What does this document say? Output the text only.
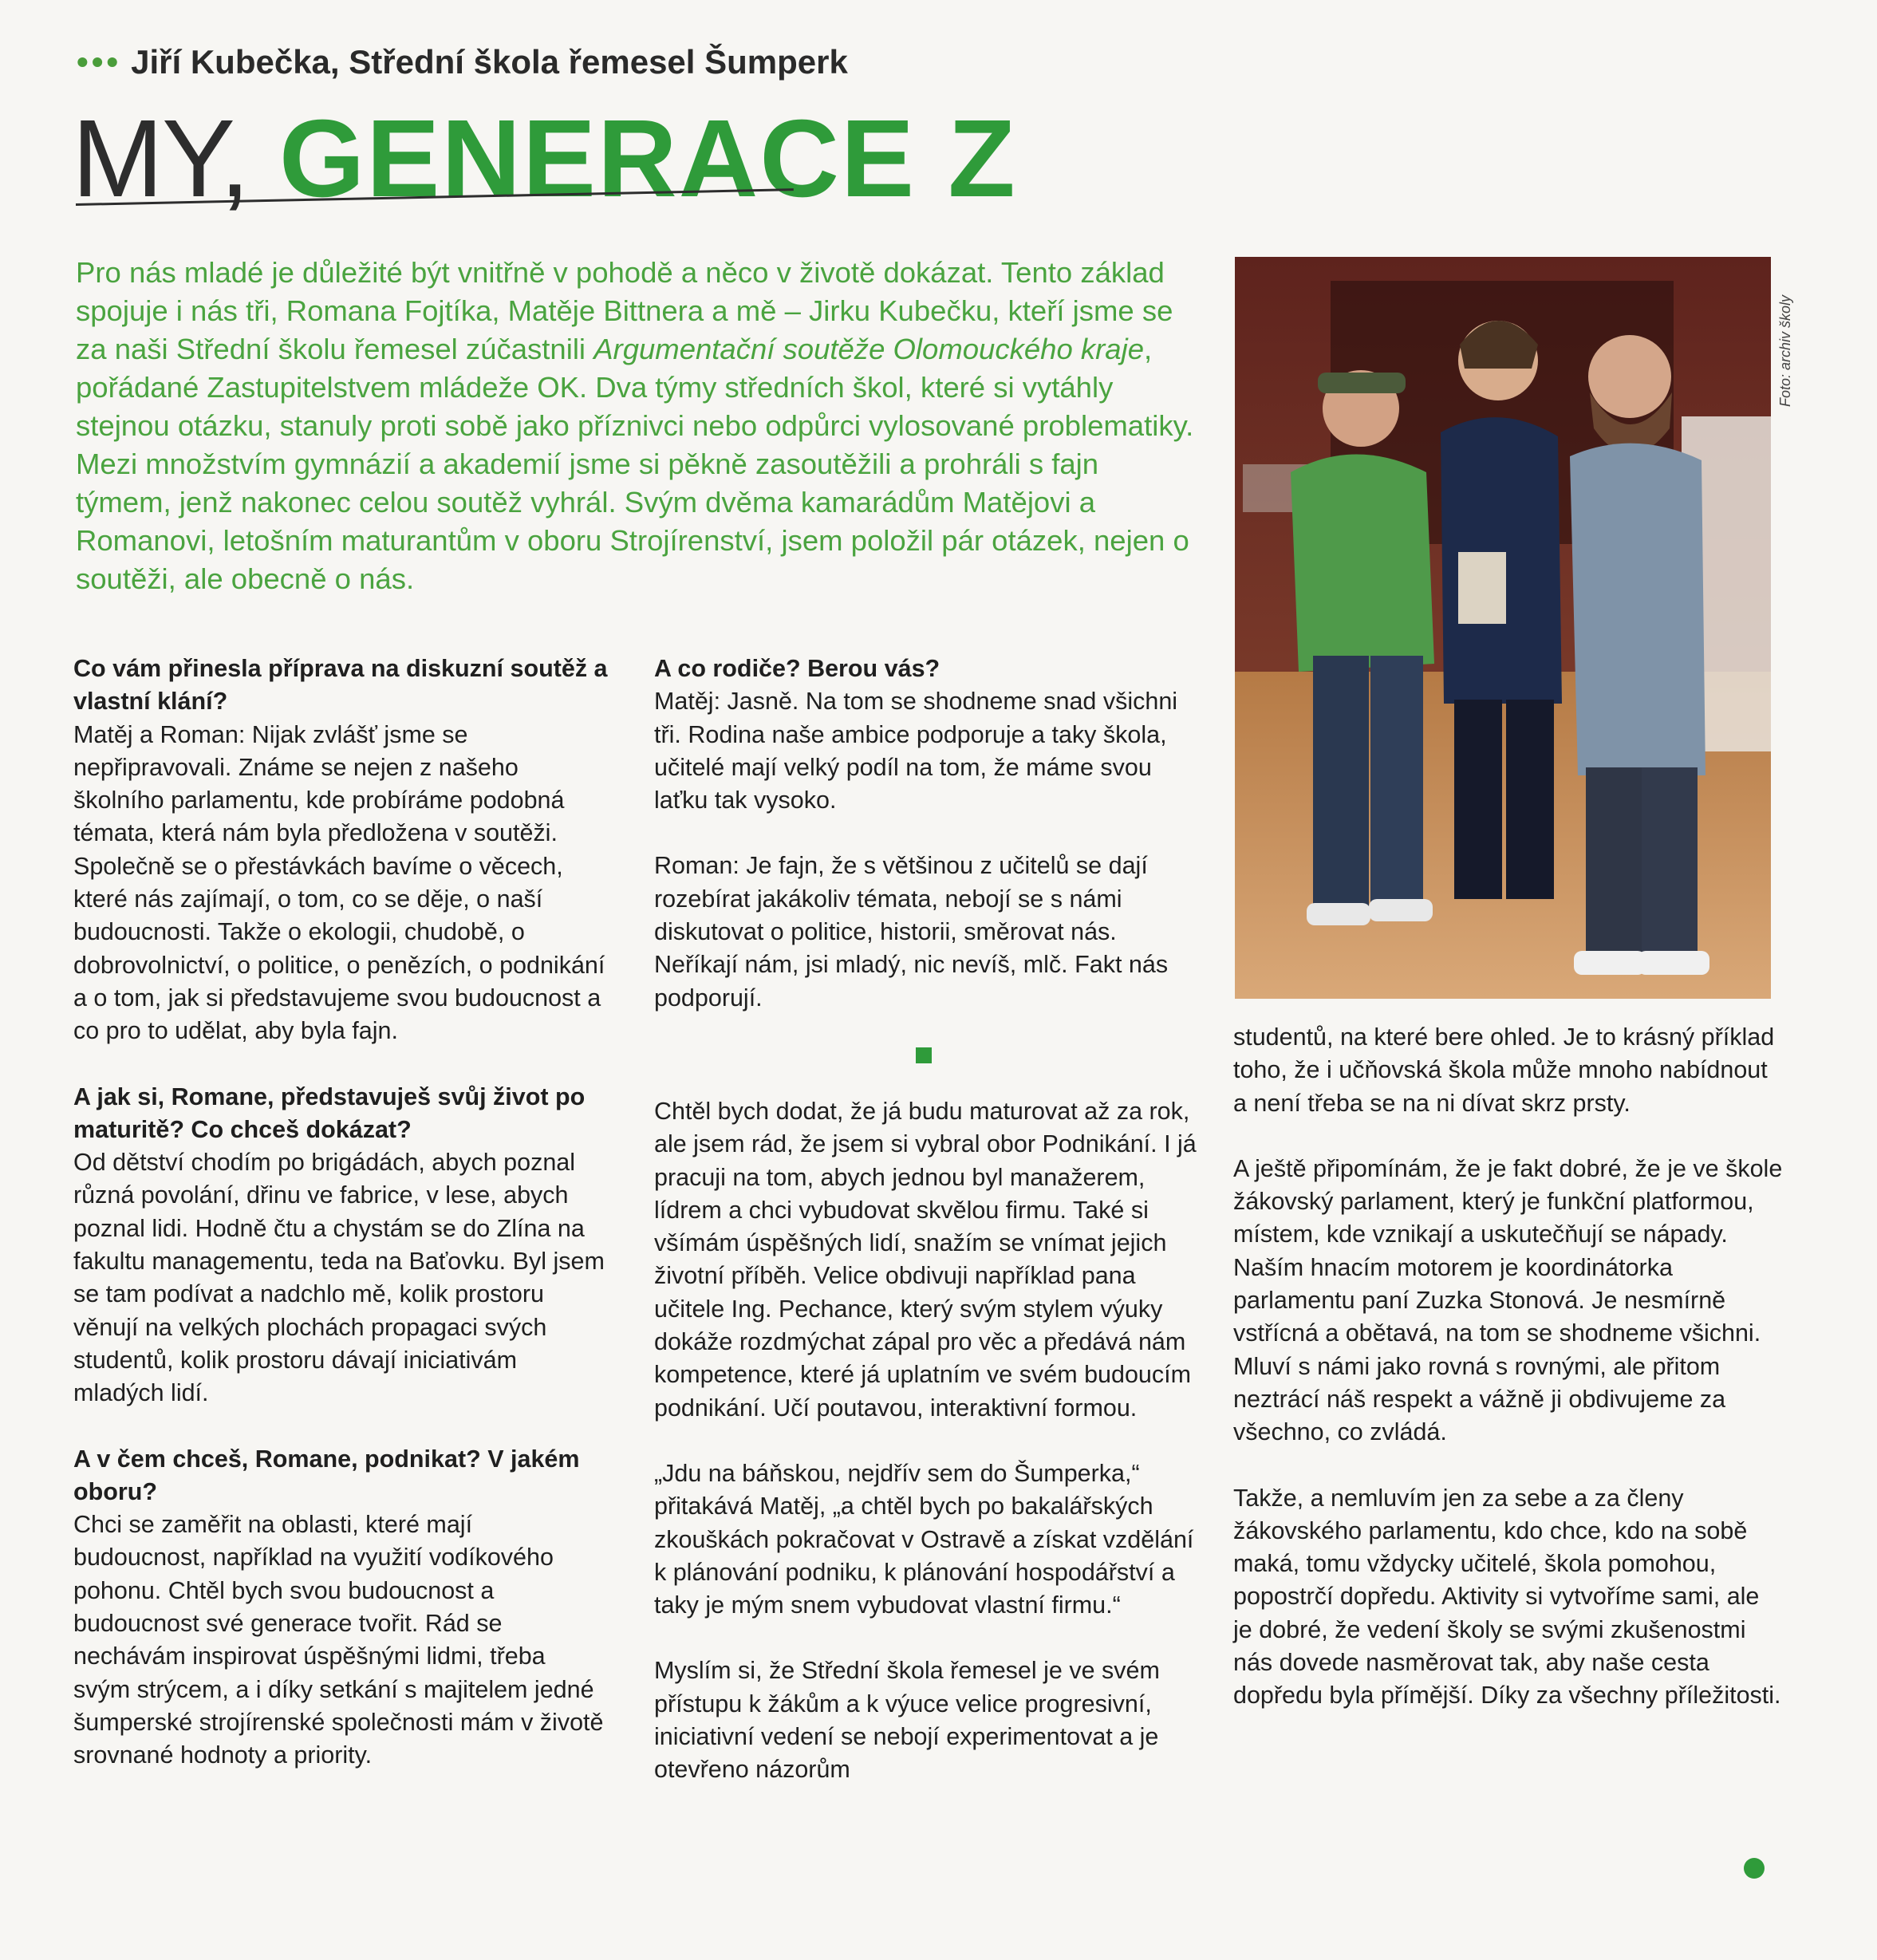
••• Jiří Kubečka, Střední škola řemesel Šumperk
MY, GENERACE Z
Pro nás mladé je důležité být vnitřně v pohodě a něco v životě dokázat. Tento základ spojuje i nás tři, Romana Fojtíka, Matěje Bittnera a mě – Jirku Kubečku, kteří jsme se za naši Střední školu řemesel zúčastnili Argumentační soutěže Olomouckého kraje, pořádané Zastupitelstvem mládeže OK. Dva týmy středních škol, které si vytáhly stejnou otázku, stanuly proti sobě jako příznivci nebo odpůrci vylosované problematiky. Mezi množstvím gymnázií a akademií jsme si pěkně zasoutěžili a prohráli s fajn týmem, jenž nakonec celou soutěž vyhrál. Svým dvěma kamarádům Matějovi a Romanovi, letošním maturantům v oboru Strojírenství, jsem položil pár otázek, nejen o soutěži, ale obecně o nás.
Foto: archiv školy

Co vám přinesla příprava na diskuzní soutěž a vlastní klání?
Matěj a Roman: Nijak zvlášť jsme se nepřipravovali. Známe se nejen z našeho školního parlamentu, kde probíráme podobná témata, která nám byla předložena v soutěži. Společně se o přestávkách bavíme o věcech, které nás zajímají, o tom, co se děje, o naší budoucnosti. Takže o ekologii, chudobě, o dobrovolnictví, o politice, o penězích, o podnikání a o tom, jak si představujeme svou budoucnost a co pro to udělat, aby byla fajn.

A jak si, Romane, představuješ svůj život po maturitě? Co chceš dokázat?
Od dětství chodím po brigádách, abych poznal různá povolání, dřinu ve fabrice, v lese, abych poznal lidi. Hodně čtu a chystám se do Zlína na fakultu managementu, teda na Baťovku. Byl jsem se tam podívat a nadchlo mě, kolik prostoru věnují na velkých plochách propagaci svých studentů, kolik prostoru dávají iniciativám mladých lidí.

A v čem chceš, Romane, podnikat? V jakém oboru?
Chci se zaměřit na oblasti, které mají budoucnost, například na využití vodíkového pohonu. Chtěl bych svou budoucnost a budoucnost své generace tvořit. Rád se nechávám inspirovat úspěšnými lidmi, třeba svým strýcem, a i díky setkání s majitelem jedné šumperské strojírenské společnosti mám v životě srovnané hodnoty a priority.

A co rodiče? Berou vás?
Matěj: Jasně. Na tom se shodneme snad všichni tři. Rodina naše ambice podporuje a taky škola, učitelé mají velký podíl na tom, že máme svou laťku tak vysoko.

Roman: Je fajn, že s většinou z učitelů se dají rozebírat jakákoliv témata, nebojí se s námi diskutovat o politice, historii, směrovat nás. Neříkají nám, jsi mladý, nic nevíš, mlč. Fakt nás podporují.

Chtěl bych dodat, že já budu maturovat až za rok, ale jsem rád, že jsem si vybral obor Podnikání. I já pracuji na tom, abych jednou byl manažerem, lídrem a chci vybudovat skvělou firmu. Také si všímám úspěšných lidí, snažím se vnímat jejich životní příběh. Velice obdivuji například pana učitele Ing. Pechance, který svým stylem výuky dokáže rozdmýchat zápal pro věc a předává nám kompetence, které já uplatním ve svém budoucím podnikání. Učí poutavou, interaktivní formou.

„Jdu na báňskou, nejdřív sem do Šumperka,“ přitakává Matěj, „a chtěl bych po bakalářských zkouškách pokračovat v Ostravě a získat vzdělání k plánování podniku, k plánování hospodářství a taky je mým snem vybudovat vlastní firmu.“

Myslím si, že Střední škola řemesel je ve svém přístupu k žákům a k výuce velice progresivní, iniciativní vedení se nebojí experimentovat a je otevřeno názorům

studentů, na které bere ohled. Je to krásný příklad toho, že i učňovská škola může mnoho nabídnout a není třeba se na ni dívat skrz prsty.

A ještě připomínám, že je fakt dobré, že je ve škole žákovský parlament, který je funkční platformou, místem, kde vznikají a uskutečňují se nápady. Naším hnacím motorem je koordinátorka parlamentu paní Zuzka Stonová. Je nesmírně vstřícná a obětavá, na tom se shodneme všichni. Mluví s námi jako rovná s rovnými, ale přitom neztrácí náš respekt a vážně ji obdivujeme za všechno, co zvládá.

Takže, a nemluvím jen za sebe a za členy žákovského parlamentu, kdo chce, kdo na sobě maká, tomu vždycky učitelé, škola pomohou, popostrčí dopředu. Aktivity si vytvoříme sami, ale je dobré, že vedení školy se svými zkušenostmi nás dovede nasměrovat tak, aby naše cesta dopředu byla přímější. Díky za všechny příležitosti.
